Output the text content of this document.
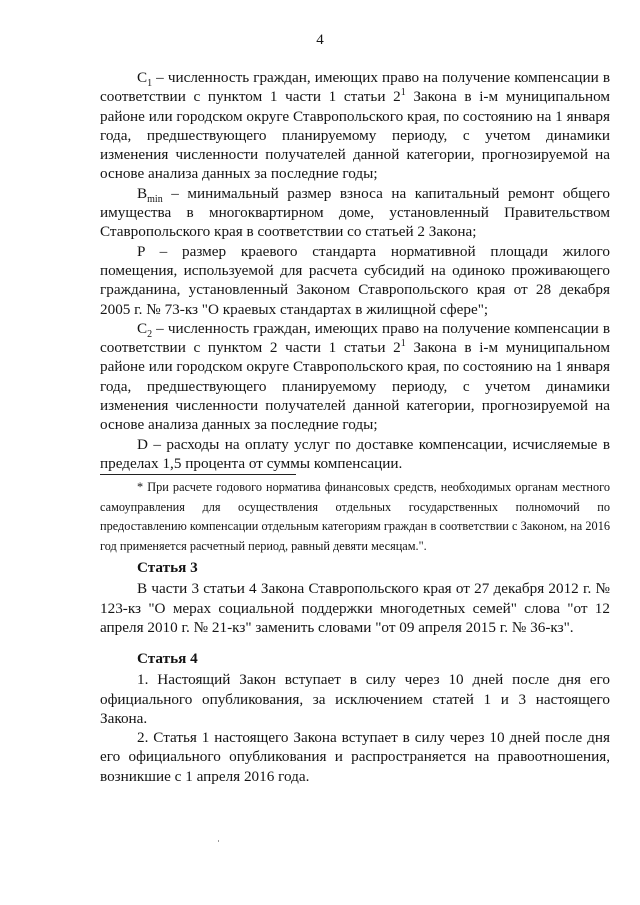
4

$C_1$ – численность граждан, имеющих право на получение компенсации в соответствии с пунктом 1 части 1 статьи $2^1$ Закона в i-м муниципальном районе или городском округе Ставропольского края, по состоянию на 1 января года, предшествующего планируемому периоду, с учетом динамики изменения численности получателей данной категории, прогнозируемой на основе анализа данных за последние годы;

$B_{min}$ – минимальный размер взноса на капитальный ремонт общего имущества в многоквартирном доме, установленный Правительством Ставропольского края в соответствии со статьей 2 Закона;

P – размер краевого стандарта нормативной площади жилого помещения, используемой для расчета субсидий на одиноко проживающего гражданина, установленный Законом Ставропольского края от 28 декабря 2005 г. № 73-кз "О краевых стандартах в жилищной сфере";

$C_2$ – численность граждан, имеющих право на получение компенсации в соответствии с пунктом 2 части 1 статьи $2^1$ Закона в i-м муниципальном районе или городском округе Ставропольского края, по состоянию на 1 января года, предшествующего планируемому периоду, с учетом динамики изменения численности получателей данной категории, прогнозируемой на основе анализа данных за последние годы;

D – расходы на оплату услуг по доставке компенсации, исчисляемые в пределах 1,5 процента от суммы компенсации.

* При расчете годового норматива финансовых средств, необходимых органам местного самоуправления для осуществления отдельных государственных полномочий по предоставлению компенсации отдельным категориям граждан в соответствии с Законом, на 2016 год применяется расчетный период, равный девяти месяцам.".

Статья 3

В части 3 статьи 4 Закона Ставропольского края от 27 декабря 2012 г. № 123-кз "О мерах социальной поддержки многодетных семей" слова "от 12 апреля 2010 г. № 21-кз" заменить словами "от 09 апреля 2015 г. № 36-кз".

Статья 4

1. Настоящий Закон вступает в силу через 10 дней после дня его официального опубликования, за исключением статей 1 и 3 настоящего Закона.

2. Статья 1 настоящего Закона вступает в силу через 10 дней после дня его официального опубликования и распространяется на правоотношения, возникшие с 1 апреля 2016 года.
